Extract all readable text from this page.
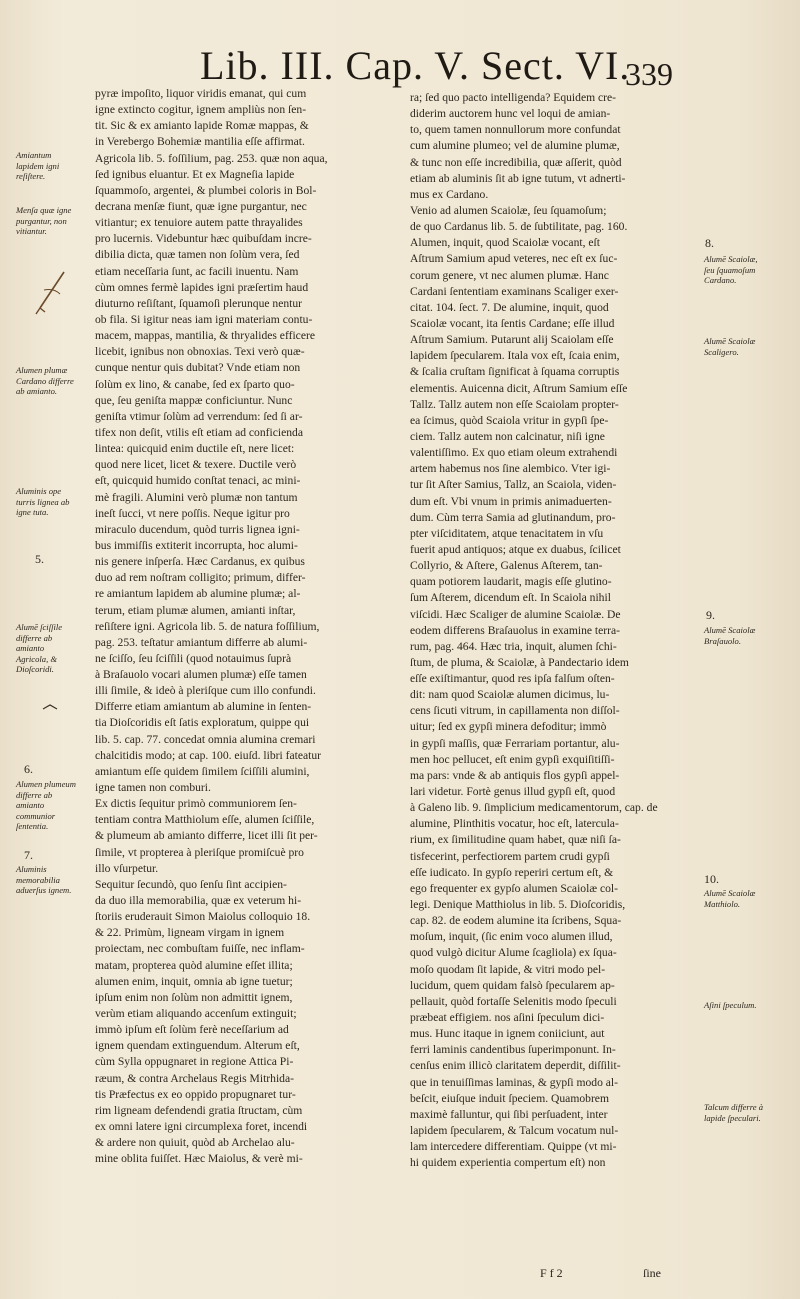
Lib. III. Cap. V. Sect. VI.
339
pyræ impoſito, liquor viridis emanat, qui cum
igne extincto cogitur, ignem ampliùs non ſen-
tit. Sic & ex amianto lapide Romæ mappas, &
in Verebergo Bohemiæ mantilia eſſe affirmat.
Agricola lib. 5. foſſilium, pag. 253. quæ non aqua,
ſed ignibus eluantur. Et ex Magneſia lapide
ſquammoſo, argentei, & plumbei coloris in Bol-
decrana menſæ fiunt, quæ igne purgantur, nec
vitiantur; ex tenuiore autem patte thrayalides
pro lucernis. Videbuntur hæc quibuſdam incre-
dibilia dicta, quæ tamen non ſolùm vera, ſed
etiam neceſſaria ſunt, ac facili inuentu. Nam
cùm omnes fermè lapides igni præſertim haud
diuturno reſiſtant, ſquamoſi plerunque nentur
ob fila. Si igitur neas iam igni materiam contu-
macem, mappas, mantilia, & thryalides efficere
licebit, ignibus non obnoxias. Texi verò quæ-
cunque nentur quis dubitat? Vnde etiam non
ſolùm ex lino, & canabe, ſed ex ſparto quo-
que, ſeu geniſta mappæ conficiuntur. Nunc
geniſta vtimur ſolùm ad verrendum: ſed ſi ar-
tifex non deſit, vtilis eſt etiam ad conficienda
lintea: quicquid enim ductile eſt, nere licet:
quod nere licet, licet & texere. Ductile verò
eſt, quicquid humido conſtat tenaci, ac mini-
mè fragili. Alumini verò plumæ non tantum
ineſt ſucci, vt nere poſſis. Neque igitur pro
miraculo ducendum, quòd turris lignea igni-
bus immiſſis extiterit incorrupta, hoc alumi-
nis genere inſperſa. Hæc Cardanus, ex quibus
duo ad rem noſtram colligito; primum, differ-
re amiantum lapidem ab alumine plumæ; al-
terum, etiam plumæ alumen, amianti inſtar,
reſiſtere igni. Agricola lib. 5. de natura foſſilium,
pag. 253. teſtatur amiantum differre ab alumi-
ne ſciſſo, ſeu ſciſſili (quod notauimus ſuprà
à Braſauolo vocari alumen plumæ) eſſe tamen
illi ſimile, & ideò à pleriſque cum illo confundi.
Differre etiam amiantum ab alumine in ſenten-
tia Dioſcoridis eſt ſatis exploratum, quippe qui
lib. 5. cap. 77. concedat omnia alumina cremari
chalcitidis modo; at cap. 100. eiuſd. libri fateatur
amiantum eſſe quidem ſimilem ſciſſili alumini,
igne tamen non comburi.
Ex dictis ſequitur primò communiorem ſen-
tentiam contra Matthiolum eſſe, alumen ſciſſile,
& plumeum ab amianto differre, licet illi ſit per-
ſimile, vt propterea à pleriſque promiſcuè pro
illo vſurpetur.
Sequitur ſecundò, quo ſenſu ſint accipien-
da duo illa memorabilia, quæ ex veterum hi-
ſtoriis eruderauit Simon Maiolus colloquio 18.
& 22. Primùm, ligneam virgam in ignem
proiectam, nec combuſtam fuiſſe, nec inflam-
matam, propterea quòd alumine eſſet illita;
alumen enim, inquit, omnia ab igne tuetur;
ipſum enim non ſolùm non admittit ignem,
verùm etiam aliquando accenſum extinguit;
immò ipſum eſt ſolùm ferè neceſſarium ad
ignem quendam extinguendum. Alterum eſt,
cùm Sylla oppugnaret in regione Attica Pi-
ræum, & contra Archelaus Regis Mitrhida-
tis Præfectus ex eo oppido propugnaret tur-
rim ligneam defendendi gratia ſtructam, cùm
ex omni latere igni circumplexa foret, incendi
& ardere non quiuit, quòd ab Archelao alu-
mine oblita fuiſſet. Hæc Maiolus, & verè mi-
ra; ſed quo pacto intelligenda? Equidem cre-
diderim auctorem hunc vel loqui de amian-
to, quem tamen nonnullorum more confundat
cum alumine plumeo; vel de alumine plumæ,
& tunc non eſſe incredibilia, quæ aſſerit, quòd
etiam ab aluminis ſit ab igne tutum, vt adnerti-
mus ex Cardano.
Venio ad alumen Scaiolæ, ſeu ſquamoſum;
de quo Cardanus lib. 5. de ſubtilitate, pag. 160.
Alumen, inquit, quod Scaiolæ vocant, eſt
Aſtrum Samium apud veteres, nec eſt ex ſuc-
corum genere, vt nec alumen plumæ. Hanc
Cardani ſententiam examinans Scaliger exer-
citat. 104. ſect. 7. De alumine, inquit, quod
Scaiolæ vocant, ita ſentis Cardane; eſſe illud
Aſtrum Samium. Putarunt alij Scaiolam eſſe
lapidem ſpecularem. Itala vox eſt, ſcaia enim,
& ſcalia cruſtam ſignificat à ſquama corruptis
elementis. Auicenna dicit, Aſtrum Samium eſſe
Tallz. Tallz autem non eſſe Scaiolam propter-
ea ſcimus, quòd Scaiola vritur in gypſi ſpe-
ciem. Tallz autem non calcinatur, niſi igne
valentiſſimo. Ex quo etiam oleum extrahendi
artem habemus nos ſine alembico. Vter igi-
tur ſit Aſter Samius, Tallz, an Scaiola, viden-
dum eſt. Vbi vnum in primis animaduerten-
dum. Cùm terra Samia ad glutinandum, pro-
pter viſciditatem, atque tenacitatem in vſu
fuerit apud antiquos; atque ex duabus, ſcilicet
Collyrio, & Aſtere, Galenus Aſterem, tan-
quam potiorem laudarit, magis eſſe glutino-
ſum Aſterem, dicendum eſt. In Scaiola nihil
viſcidi. Hæc Scaliger de alumine Scaiolæ. De
eodem differens Braſauolus in examine terra-
rum, pag. 464. Hæc tria, inquit, alumen ſchi-
ſtum, de pluma, & Scaiolæ, à Pandectario idem
eſſe exiſtimantur, quod res ipſa falſum oſten-
dit: nam quod Scaiolæ alumen dicimus, lu-
cens ſicuti vitrum, in capillamenta non diſſol-
uitur; ſed ex gypſi minera defoditur; immò
in gypſi maſſis, quæ Ferrariam portantur, alu-
men hoc pellucet, eſt enim gypſi exquiſitiſſi-
ma pars: vnde & ab antiquis flos gypſi appel-
lari videtur. Fortè genus illud gypſi eſt, quod
à Galeno lib. 9. ſimplicium medicamentorum, cap. de
alumine, Plinthitis vocatur, hoc eſt, latercula-
rium, ex ſimilitudine quam habet, quæ niſi ſa-
tisfecerint, perfectiorem partem crudi gypſi
eſſe iudicato. In gypſo reperiri certum eſt, &
ego frequenter ex gypſo alumen Scaiolæ col-
legi. Denique Matthiolus in lib. 5. Dioſcoridis,
cap. 82. de eodem alumine ita ſcribens, Squa-
moſum, inquit, (ſic enim voco alumen illud,
quod vulgò dicitur Alume ſcagliola) ex ſqua-
moſo quodam ſit lapide, & vitri modo pel-
lucidum, quem quidam falsò ſpecularem ap-
pellauit, quòd fortaſſe Selenitis modo ſpeculi
præbeat effigiem. nos aſini ſpeculum dici-
mus. Hunc itaque in ignem coniiciunt, aut
ferri laminis candentibus ſuperimponunt. In-
cenſus enim illicò claritatem deperdit, diſſilit-
que in tenuiſſimas laminas, & gypſi modo al-
beſcit, eiuſque induit ſpeciem. Quamobrem
maximè falluntur, qui ſibi perſuadent, inter
lapidem ſpecularem, & Talcum vocatum nul-
lam intercedere differentiam. Quippe (vt mi-
hi quidem experientia compertum eſt) non
Amiantum lapidem igni reſiſtere.
Menſa quæ igne purgantur, non vitiantur.
Alumen plumæ Cardano differre ab amianto.
Aluminis ope turris lignea ab igne tuta.
5.
Alumē ſciſſile differre ab amianto Agricola, & Dioſcoridi.
6.
Alumen plumeum differre ab amianto communior ſententia.
7.
Aluminis memorabilia aduerſus ignem.
8.
Alumē Scaiolæ, ſeu ſquamoſum Cardano.
Alumē Scaiolæ Scaligero.
9.
Alumē Scaiolæ Braſauolo.
10.
Alumē Scaiolæ Matthiolo.
Aſini ſpeculum.
Talcum differre à lapide ſpeculari.
F f 2	ſine
